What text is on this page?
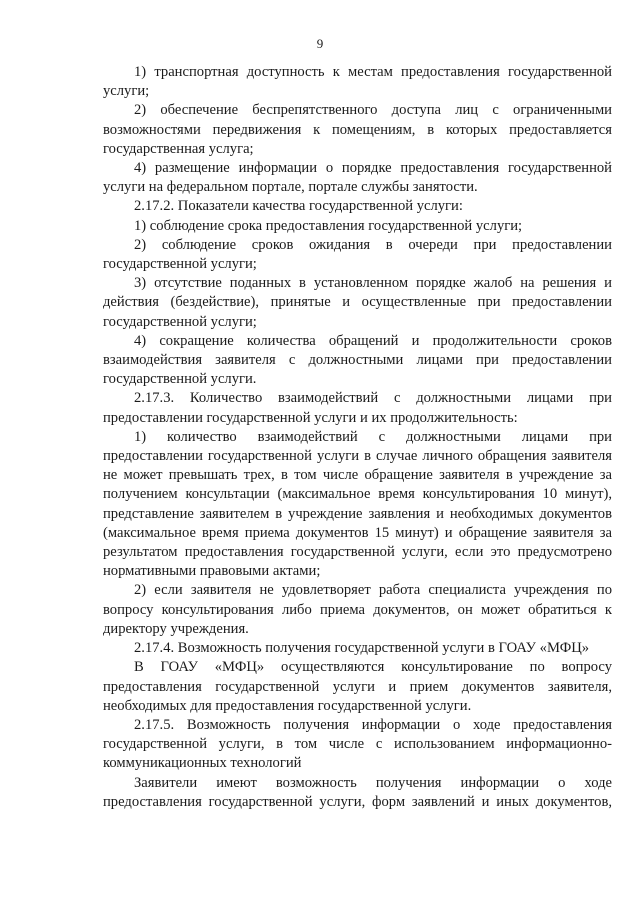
9

1) транспортная доступность к местам предоставления государственной услуги;

2) обеспечение беспрепятственного доступа лиц с ограниченными возможностями передвижения к помещениям, в которых предоставляется государственная услуга;

4) размещение информации о порядке предоставления государственной услуги на федеральном портале, портале службы занятости.

2.17.2. Показатели качества государственной услуги:

1) соблюдение срока предоставления государственной услуги;

2) соблюдение сроков ожидания в очереди при предоставлении государственной услуги;

3) отсутствие поданных в установленном порядке жалоб на решения и действия (бездействие), принятые и осуществленные при предоставлении государственной услуги;

4) сокращение количества обращений и продолжительности сроков взаимодействия заявителя с должностными лицами при предоставлении государственной услуги.

2.17.3. Количество взаимодействий с должностными лицами при предоставлении государственной услуги и их продолжительность:

1) количество взаимодействий с должностными лицами при предоставлении государственной услуги в случае личного обращения заявителя не может превышать трех, в том числе обращение заявителя в учреждение за получением консультации (максимальное время консультирования 10 минут), представление заявителем в учреждение заявления и необходимых документов (максимальное время приема документов 15 минут) и обращение заявителя за результатом предоставления государственной услуги, если это предусмотрено нормативными правовыми актами;

2) если заявителя не удовлетворяет работа специалиста учреждения по вопросу консультирования либо приема документов, он может обратиться к директору учреждения.

2.17.4. Возможность получения государственной услуги в ГОАУ «МФЦ»

В ГОАУ «МФЦ» осуществляются консультирование по вопросу предоставления государственной услуги и прием документов заявителя, необходимых для предоставления государственной услуги.

2.17.5. Возможность получения информации о ходе предоставления государственной услуги, в том числе с использованием информационно-коммуникационных технологий

Заявители имеют возможность получения информации о ходе предоставления государственной услуги, форм заявлений и иных документов,
